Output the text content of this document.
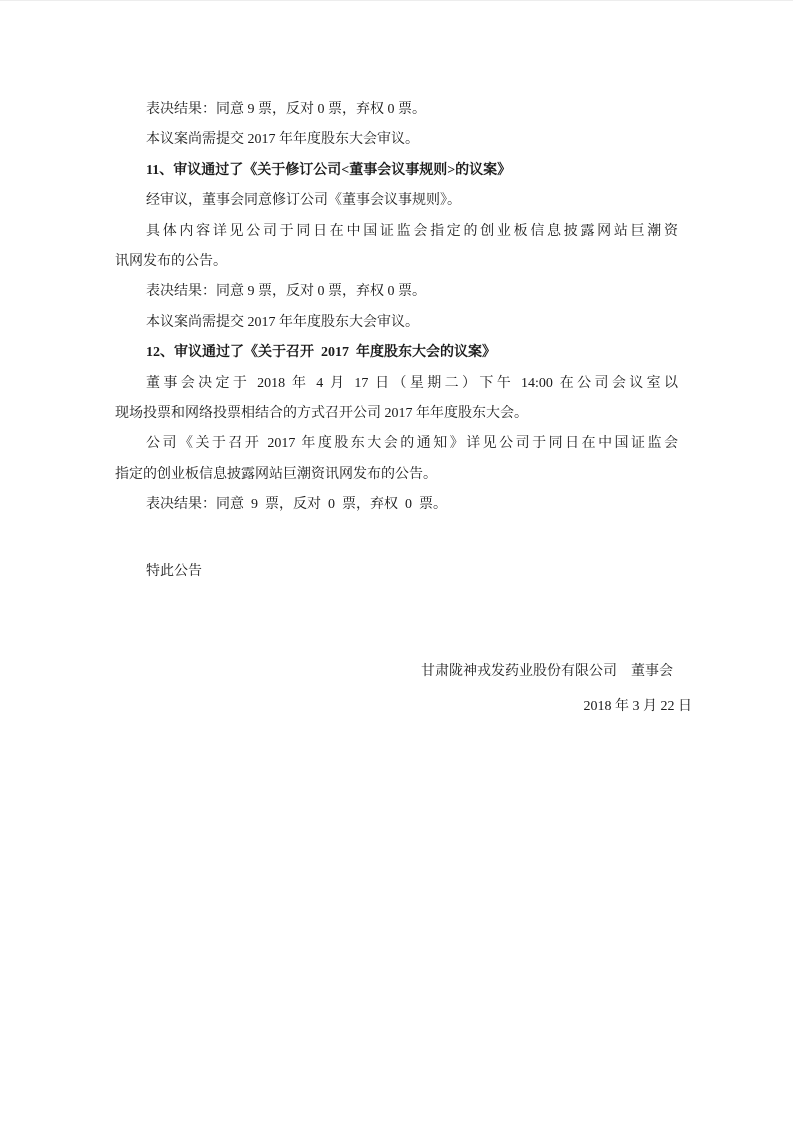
表决结果：同意 9 票，反对 0 票，弃权 0 票。
本议案尚需提交 2017 年年度股东大会审议。
11、审议通过了《关于修订公司<董事会议事规则>的议案》
经审议，董事会同意修订公司《董事会议事规则》。
具体内容详见公司于同日在中国证监会指定的创业板信息披露网站巨潮资
讯网发布的公告。
表决结果：同意 9 票，反对 0 票，弃权 0 票。
本议案尚需提交 2017 年年度股东大会审议。
12、审议通过了《关于召开  2017  年度股东大会的议案》
董事会决定于 2018 年 4 月 17 日（星期二）下午 14:00 在公司会议室以
现场投票和网络投票相结合的方式召开公司 2017 年年度股东大会。
公司《关于召开 2017 年度股东大会的通知》详见公司于同日在中国证监会
指定的创业板信息披露网站巨潮资讯网发布的公告。
表决结果：同意  9  票，反对  0  票，弃权  0  票。
特此公告
甘肃陇神戎发药业股份有限公司　董事会
2018 年 3 月 22 日
